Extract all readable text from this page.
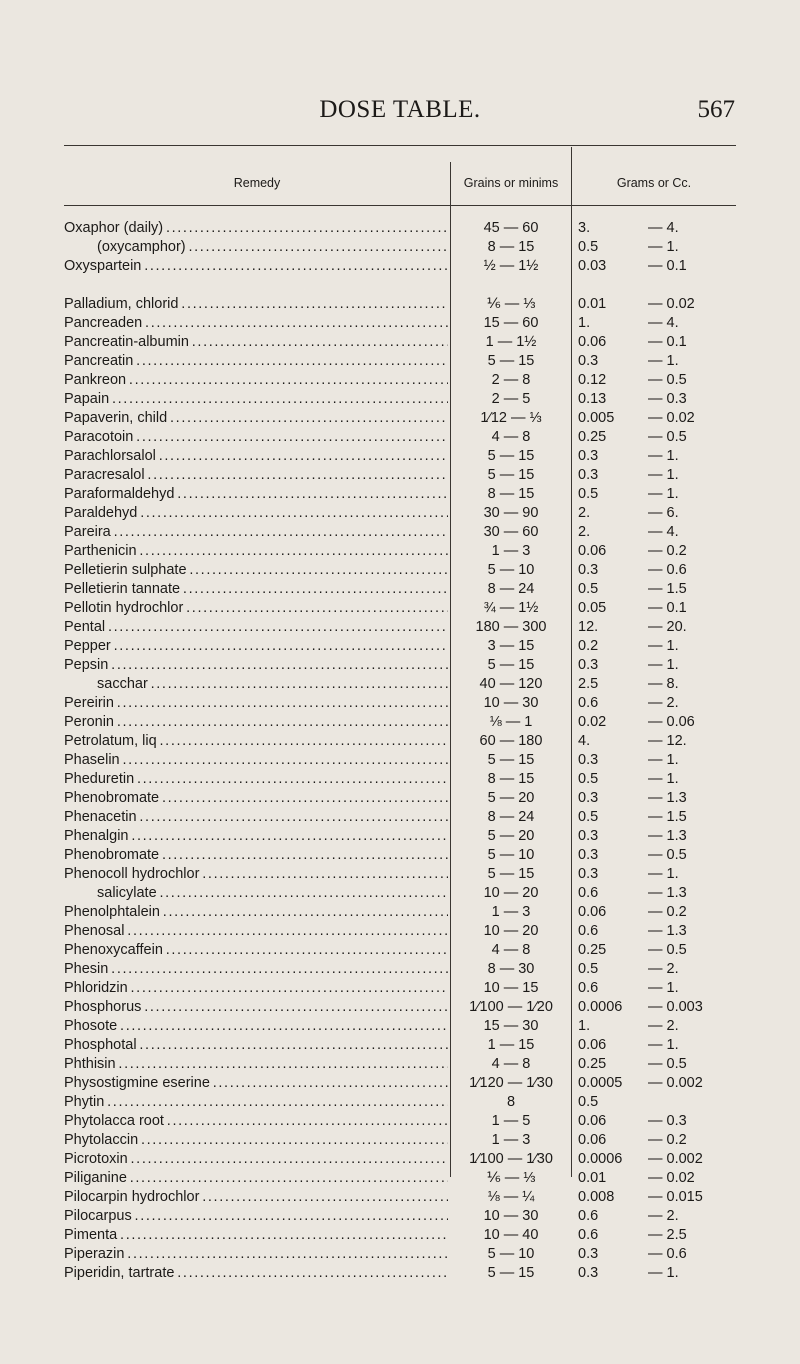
DOSE TABLE.	567
Remedy	Grains or minims	Grams or Cc.
Oxaphor (daily) . . .	45 — 60	3.	— 4.
(oxycamphor) . . .	8 — 15	0.5	— 1.
Oxyspartein . . .	½ — 1½	0.03	— 0.1
Palladium, chlorid . . .	⅙ — ⅓	0.01	— 0.02
Pancreaden . . .	15 — 60	1.	— 4.
Pancreatin-albumin . . .	1 — 1½	0.06	— 0.1
Pancreatin . . .	5 — 15	0.3	— 1.
Pankreon . . .	2 — 8	0.12	— 0.5
Papain . . .	2 — 5	0.13	— 0.3
Papaverin, child . . .	1⁄12 — ⅓	0.005	— 0.02
Paracotoin . . .	4 — 8	0.25	— 0.5
Parachlorsalol . . .	5 — 15	0.3	— 1.
Paracresalol . . .	5 — 15	0.3	— 1.
Paraformaldehyd . . .	8 — 15	0.5	— 1.
Paraldehyd . . .	30 — 90	2.	— 6.
Pareira . . .	30 — 60	2.	— 4.
Parthenicin . . .	1 — 3	0.06	— 0.2
Pelletierin sulphate . . .	5 — 10	0.3	— 0.6
Pelletierin tannate . . .	8 — 24	0.5	— 1.5
Pellotin hydrochlor . . .	¾ — 1½	0.05	— 0.1
Pental . . .	180 — 300	12.	— 20.
Pepper . . .	3 — 15	0.2	— 1.
Pepsin . . .	5 — 15	0.3	— 1.
sacchar . . .	40 — 120	2.5	— 8.
Pereirin . . .	10 — 30	0.6	— 2.
Peronin . . .	⅛ — 1	0.02	— 0.06
Petrolatum, liq . . .	60 — 180	4.	— 12.
Phaselin . . .	5 — 15	0.3	— 1.
Pheduretin . . .	8 — 15	0.5	— 1.
Phenobromate . . .	5 — 20	0.3	— 1.3
Phenacetin . . .	8 — 24	0.5	— 1.5
Phenalgin . . .	5 — 20	0.3	— 1.3
Phenobromate . . .	5 — 10	0.3	— 0.5
Phenocoll hydrochlor . . .	5 — 15	0.3	— 1.
salicylate . . .	10 — 20	0.6	— 1.3
Phenolphtalein . . .	1 — 3	0.06	— 0.2
Phenosal . . .	10 — 20	0.6	— 1.3
Phenoxycaffein . . .	4 — 8	0.25	— 0.5
Phesin . . .	8 — 30	0.5	— 2.
Phloridzin . . .	10 — 15	0.6	— 1.
Phosphorus . . .	1⁄100 — 1⁄20	0.0006	— 0.003
Phosote . . .	15 — 30	1.	— 2.
Phosphotal . . .	1 — 15	0.06	— 1.
Phthisin . . .	4 — 8	0.25	— 0.5
Physostigmine eserine . . .	1⁄120 — 1⁄30	0.0005	— 0.002
Phytin . . .	8	0.5
Phytolacca root . . .	1 — 5	0.06	— 0.3
Phytolaccin . . .	1 — 3	0.06	— 0.2
Picrotoxin . . .	1⁄100 — 1⁄30	0.0006	— 0.002
Piliganine . . .	⅙ — ⅓	0.01	— 0.02
Pilocarpin hydrochlor . . .	⅛ — ¼	0.008	— 0.015
Pilocarpus . . .	10 — 30	0.6	— 2.
Pimenta . . .	10 — 40	0.6	— 2.5
Piperazin . . .	5 — 10	0.3	— 0.6
Piperidin, tartrate . . .	5 — 15	0.3	— 1.
